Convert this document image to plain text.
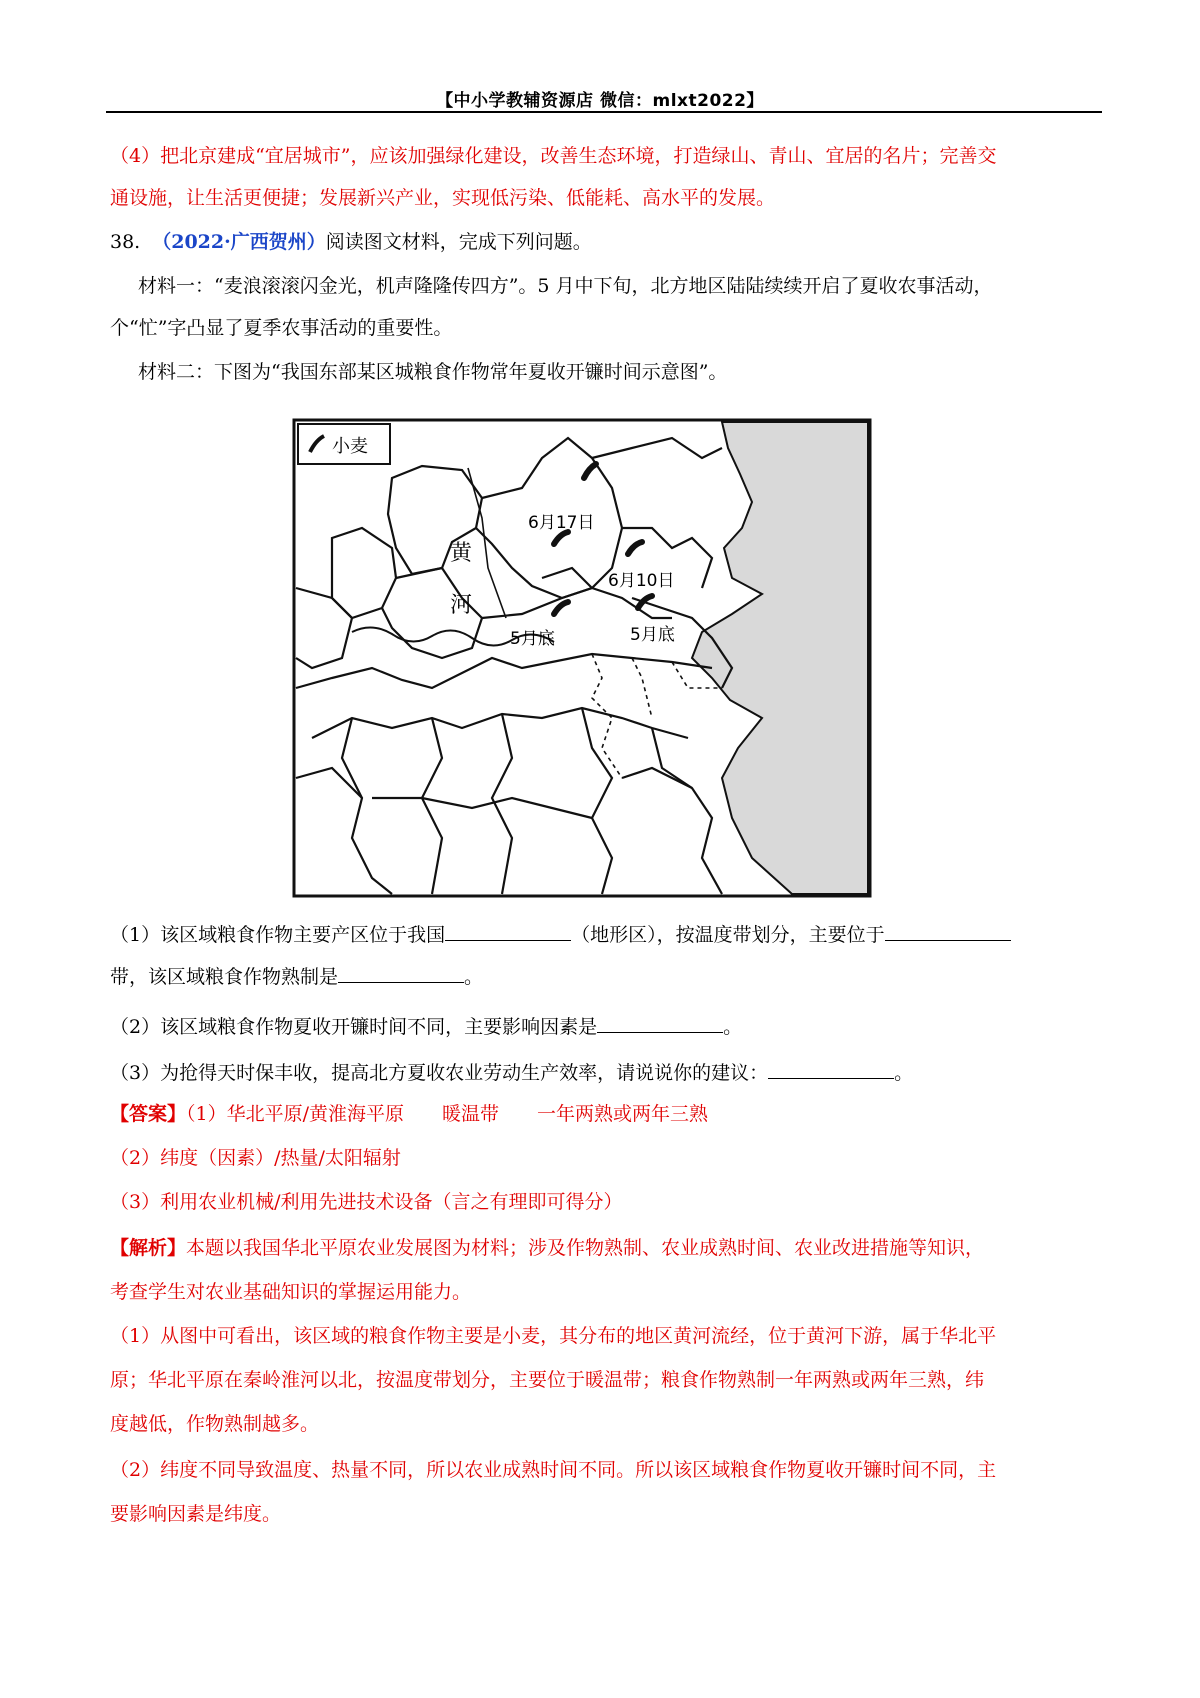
【中小学教辅资源店 微信：mlxt2022】
（4）把北京建成“宜居城市”，应该加强绿化建设，改善生态环境，打造绿山、青山、宜居的名片；完善交
通设施，让生活更便捷；发展新兴产业，实现低污染、低能耗、高水平的发展。
38. （2022·广西贺州）阅读图文材料，完成下列问题。
材料一：“麦浪滚滚闪金光，机声隆隆传四方”。5 月中下旬，北方地区陆陆续续开启了夏收农事活动，
个“忙”字凸显了夏季农事活动的重要性。
材料二：下图为“我国东部某区城粮食作物常年夏收开镰时间示意图”。
小麦
黄
河
6月17日
6月10日
5月底	5月底
（1）该区域粮食作物主要产区位于我国	（地形区），按温度带划分，主要位于
带，该区域粮食作物熟制是	。
（2）该区域粮食作物夏收开镰时间不同，主要影响因素是	。
（3）为抢得天时保丰收，提高北方夏收农业劳动生产效率，请说说你的建议：	。
【答案】（1）华北平原/黄淮海平原　　暖温带　　一年两熟或两年三熟
（2）纬度（因素）/热量/太阳辐射
（3）利用农业机械/利用先进技术设备（言之有理即可得分）
【解析】本题以我国华北平原农业发展图为材料；涉及作物熟制、农业成熟时间、农业改进措施等知识，
考查学生对农业基础知识的掌握运用能力。
（1）从图中可看出，该区域的粮食作物主要是小麦，其分布的地区黄河流经，位于黄河下游，属于华北平
原；华北平原在秦岭淮河以北，按温度带划分，主要位于暖温带；粮食作物熟制一年两熟或两年三熟，纬
度越低，作物熟制越多。
（2）纬度不同导致温度、热量不同，所以农业成熟时间不同。所以该区域粮食作物夏收开镰时间不同，主
要影响因素是纬度。
